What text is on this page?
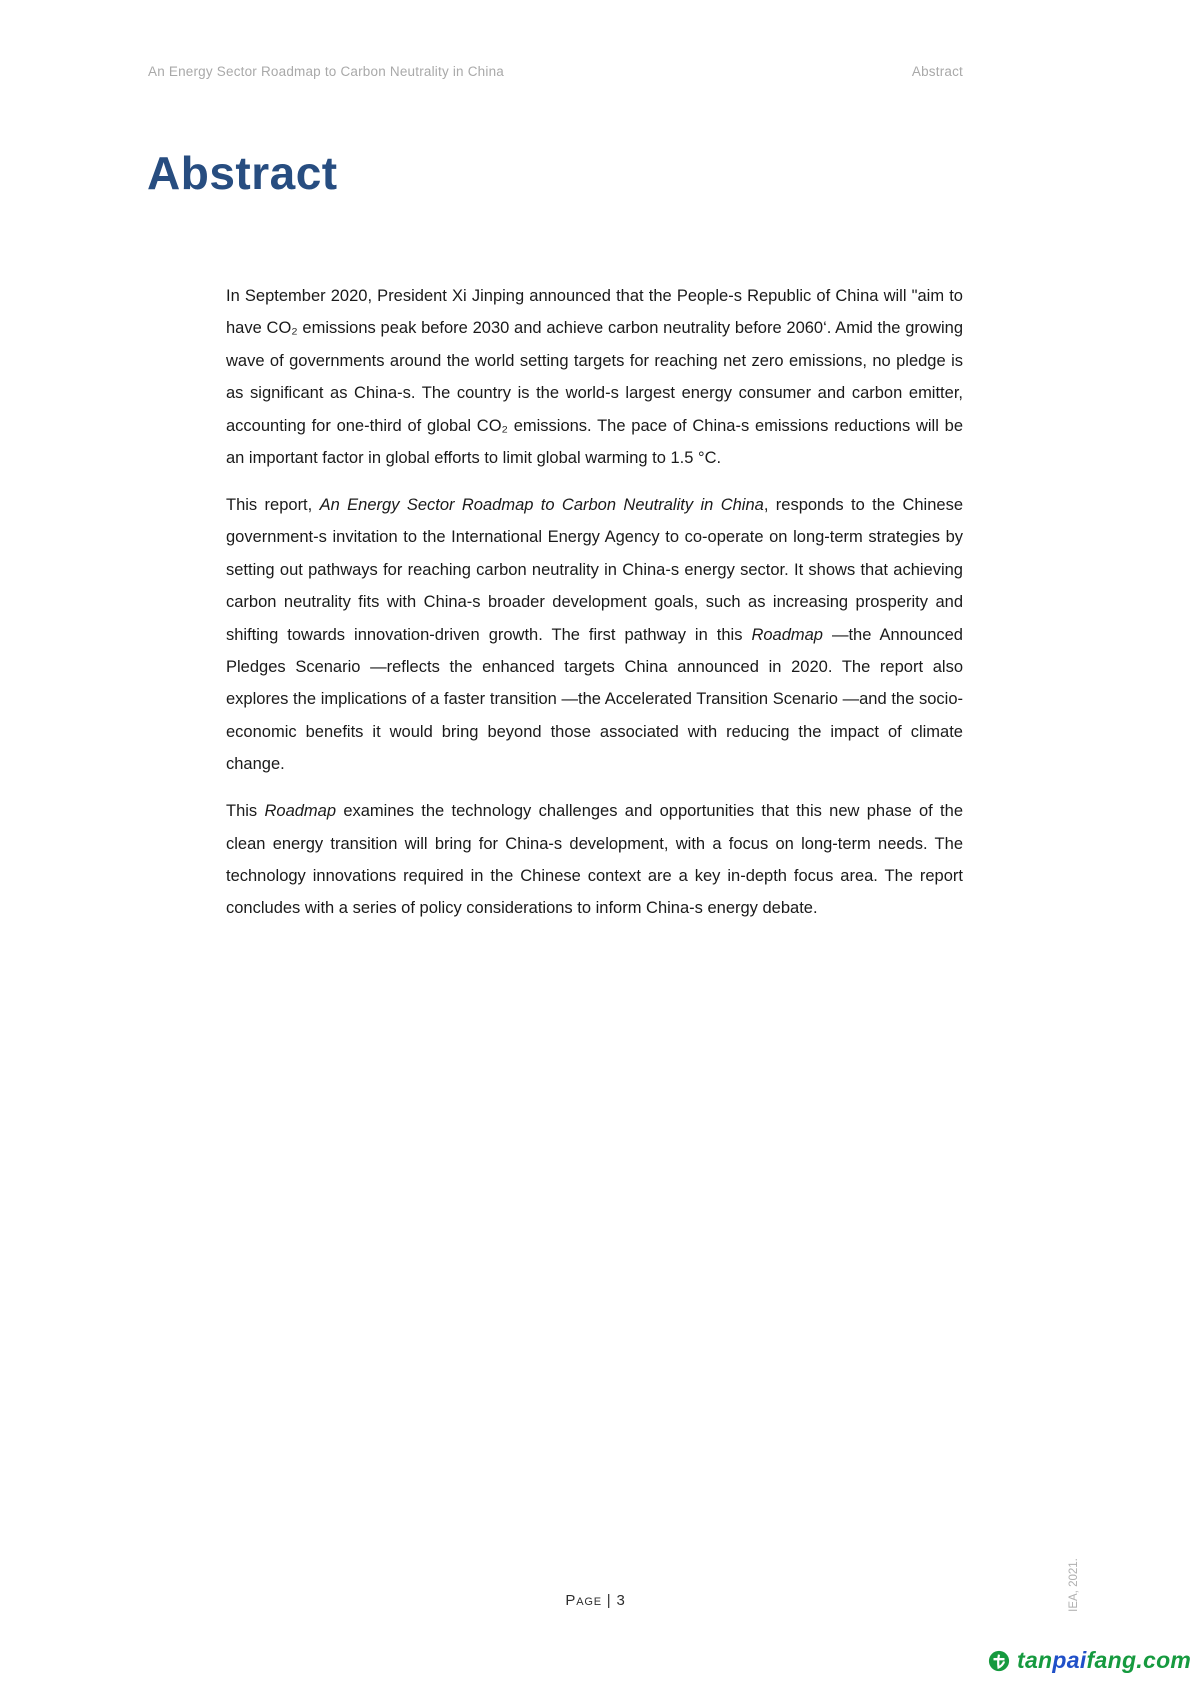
An Energy Sector Roadmap to Carbon Neutrality in China	Abstract
Abstract

In September 2020, President Xi Jinping announced that the People-s Republic of China will "aim to have CO₂ emissions peak before 2030 and achieve carbon neutrality before 2060‘. Amid the growing wave of governments around the world setting targets for reaching net zero emissions, no pledge is as significant as China-s. The country is the world-s largest energy consumer and carbon emitter, accounting for one-third of global CO₂ emissions. The pace of China-s emissions reductions will be an important factor in global efforts to limit global warming to 1.5 °C.

This report, An Energy Sector Roadmap to Carbon Neutrality in China, responds to the Chinese government-s invitation to the International Energy Agency to co-operate on long-term strategies by setting out pathways for reaching carbon neutrality in China-s energy sector. It shows that achieving carbon neutrality fits with China-s broader development goals, such as increasing prosperity and shifting towards innovation-driven growth. The first pathway in this Roadmap —the Announced Pledges Scenario —reflects the enhanced targets China announced in 2020. The report also explores the implications of a faster transition —the Accelerated Transition Scenario —and the socio-economic benefits it would bring beyond those associated with reducing the impact of climate change.

This Roadmap examines the technology challenges and opportunities that this new phase of the clean energy transition will bring for China-s development, with a focus on long-term needs. The technology innovations required in the Chinese context are a key in-depth focus area. The report concludes with a series of policy considerations to inform China-s energy debate.

Page | 3	IEA, 2021.
tanpaifang.com
